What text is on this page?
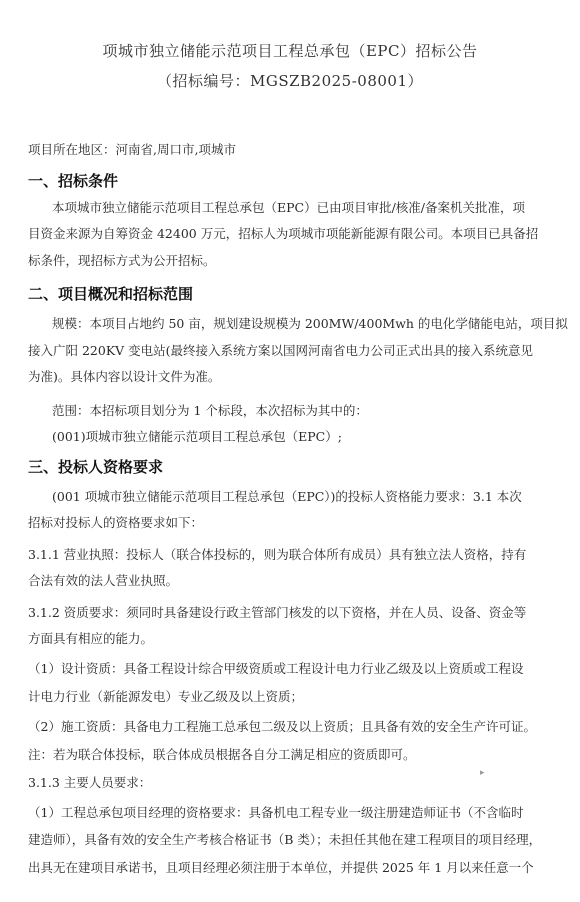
项城市独立储能示范项目工程总承包（EPC）招标公告
（招标编号：MGSZB2025-08001）
项目所在地区：河南省,周口市,项城市
一、招标条件
本项城市独立储能示范项目工程总承包（EPC）已由项目审批/核准/备案机关批准，项
目资金来源为自筹资金 42400 万元，招标人为项城市项能新能源有限公司。本项目已具备招
标条件，现招标方式为公开招标。
二、项目概况和招标范围
规模：本项目占地约 50 亩，规划建设规模为 200MW/400Mwh 的电化学储能电站，项目拟
接入广阳 220KV 变电站(最终接入系统方案以国网河南省电力公司正式出具的接入系统意见
为准)。具体内容以设计文件为准。
范围：本招标项目划分为 1 个标段，本次招标为其中的：
(001)项城市独立储能示范项目工程总承包（EPC）;
三、投标人资格要求
(001 项城市独立储能示范项目工程总承包（EPC）)的投标人资格能力要求：3.1 本次
招标对投标人的资格要求如下：
3.1.1 营业执照：投标人（联合体投标的，则为联合体所有成员）具有独立法人资格，持有
合法有效的法人营业执照。
3.1.2 资质要求：须同时具备建设行政主管部门核发的以下资格，并在人员、设备、资金等
方面具有相应的能力。
（1）设计资质：具备工程设计综合甲级资质或工程设计电力行业乙级及以上资质或工程设
计电力行业（新能源发电）专业乙级及以上资质；
（2）施工资质：具备电力工程施工总承包二级及以上资质；且具备有效的安全生产许可证。
注：若为联合体投标，联合体成员根据各自分工满足相应的资质即可。
3.1.3 主要人员要求：
（1）工程总承包项目经理的资格要求：具备机电工程专业一级注册建造师证书（不含临时
建造师），具备有效的安全生产考核合格证书（B 类）；未担任其他在建工程项目的项目经理，
出具无在建项目承诺书，且项目经理必须注册于本单位，并提供 2025 年 1 月以来任意一个
▸
